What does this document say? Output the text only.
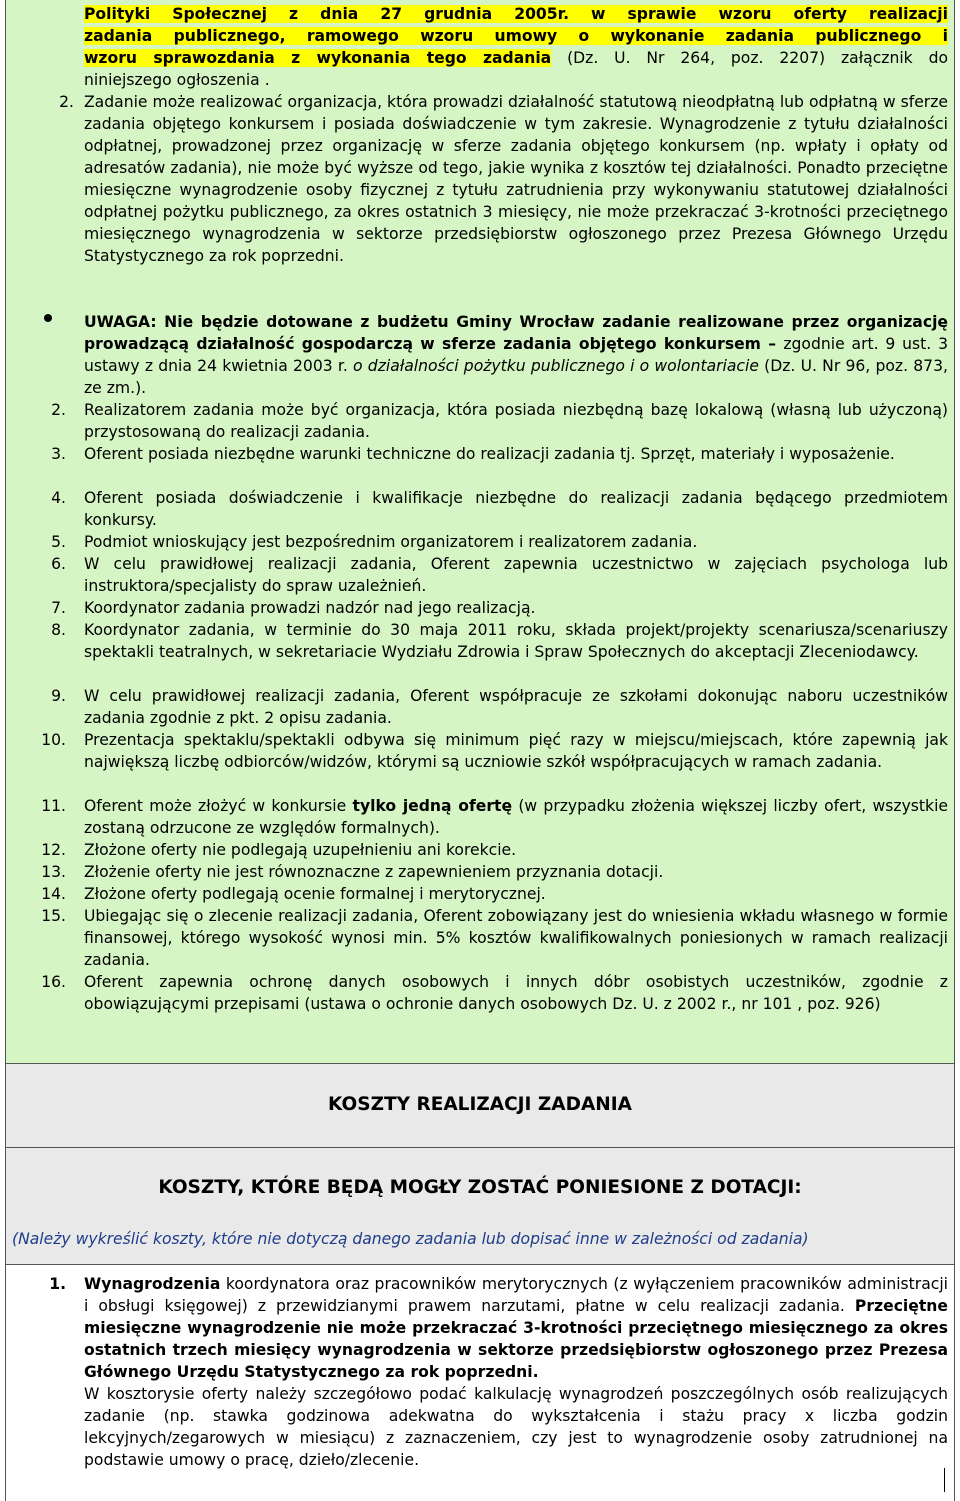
Polityki Społecznej z dnia 27 grudnia 2005r. w sprawie wzoru oferty realizacji
zadania publicznego, ramowego wzoru umowy o wykonanie zadania publicznego i
wzoru sprawozdania z wykonania tego zadania (Dz. U. Nr 264, poz. 2207) załącznik do
niniejszego ogłoszenia .
2. Zadanie może realizować organizacja, która prowadzi działalność statutową nieodpłatną lub odpłatną w sferze zadania objętego konkursem i posiada doświadczenie w tym zakresie. Wynagrodzenie z tytułu działalności odpłatnej, prowadzonej przez organizację w sferze zadania objętego konkursem (np. wpłaty i opłaty od adresatów zadania), nie może być wyższe od tego, jakie wynika z kosztów tej działalności. Ponadto przeciętne miesięczne wynagrodzenie osoby fizycznej z tytułu zatrudnienia przy wykonywaniu statutowej działalności odpłatnej pożytku publicznego, za okres ostatnich 3 miesięcy, nie może przekraczać 3-krotności przeciętnego miesięcznego wynagrodzenia w sektorze przedsiębiorstw ogłoszonego przez Prezesa Głównego Urzędu Statystycznego za rok poprzedni.
UWAGA: Nie będzie dotowane z budżetu Gminy Wrocław zadanie realizowane przez organizację prowadzącą działalność gospodarczą w sferze zadania objętego konkursem – zgodnie art. 9 ust. 3 ustawy z dnia 24 kwietnia 2003 r. o działalności pożytku publicznego i o wolontariacie (Dz. U. Nr 96, poz. 873, ze zm.).
2. Realizatorem zadania może być organizacja, która posiada niezbędną bazę lokalową (własną lub użyczoną) przystosowaną do realizacji zadania.
3. Oferent posiada niezbędne warunki techniczne do realizacji zadania tj. Sprzęt, materiały i wyposażenie.
4. Oferent posiada doświadczenie i kwalifikacje niezbędne do realizacji zadania będącego przedmiotem konkursy.
5. Podmiot wnioskujący jest bezpośrednim organizatorem i realizatorem zadania.
6. W celu prawidłowej realizacji zadania, Oferent zapewnia uczestnictwo w zajęciach psychologa lub instruktora/specjalisty do spraw uzależnień.
7. Koordynator zadania prowadzi nadzór nad jego realizacją.
8. Koordynator zadania, w terminie do 30 maja 2011 roku, składa projekt/projekty scenariusza/scenariuszy spektakli teatralnych, w sekretariacie Wydziału Zdrowia i Spraw Społecznych do akceptacji Zleceniodawcy.
9. W celu prawidłowej realizacji zadania, Oferent współpracuje ze szkołami dokonując naboru uczestników zadania zgodnie z pkt. 2 opisu zadania.
10. Prezentacja spektaklu/spektakli odbywa się minimum pięć razy w miejscu/miejscach, które zapewnią jak największą liczbę odbiorców/widzów, którymi są uczniowie szkół współpracujących w ramach zadania.
11. Oferent może złożyć w konkursie tylko jedną ofertę (w przypadku złożenia większej liczby ofert, wszystkie zostaną odrzucone ze względów formalnych).
12. Złożone oferty nie podlegają uzupełnieniu ani korekcie.
13. Złożenie oferty nie jest równoznaczne z zapewnieniem przyznania dotacji.
14. Złożone oferty podlegają ocenie formalnej i merytorycznej.
15. Ubiegając się o zlecenie realizacji zadania, Oferent zobowiązany jest do wniesienia wkładu własnego w formie finansowej, którego wysokość wynosi min. 5% kosztów kwalifikowalnych poniesionych w ramach realizacji zadania.
16. Oferent zapewnia ochronę danych osobowych i innych dóbr osobistych uczestników, zgodnie z obowiązującymi przepisami (ustawa o ochronie danych osobowych Dz. U. z 2002 r., nr 101 , poz. 926)
KOSZTY REALIZACJI ZADANIA
KOSZTY, KTÓRE BĘDĄ MOGŁY ZOSTAĆ PONIESIONE Z DOTACJI:
(Należy wykreślić koszty, które nie dotyczą danego zadania lub dopisać inne w zależności od zadania)
1. Wynagrodzenia koordynatora oraz pracowników merytorycznych (z wyłączeniem pracowników administracji i obsługi księgowej) z przewidzianymi prawem narzutami, płatne w celu realizacji zadania. Przeciętne miesięczne wynagrodzenie nie może przekraczać 3-krotności przeciętnego miesięcznego za okres ostatnich trzech miesięcy wynagrodzenia w sektorze przedsiębiorstw ogłoszonego przez Prezesa Głównego Urzędu Statystycznego za rok poprzedni.
W kosztorysie oferty należy szczegółowo podać kalkulację wynagrodzeń poszczególnych osób realizujących zadanie (np. stawka godzinowa adekwatna do wykształcenia i stażu pracy x liczba godzin lekcyjnych/zegarowych w miesiącu) z zaznaczeniem, czy jest to wynagrodzenie osoby zatrudnionej na podstawie umowy o pracę, dzieło/zlecenie.
